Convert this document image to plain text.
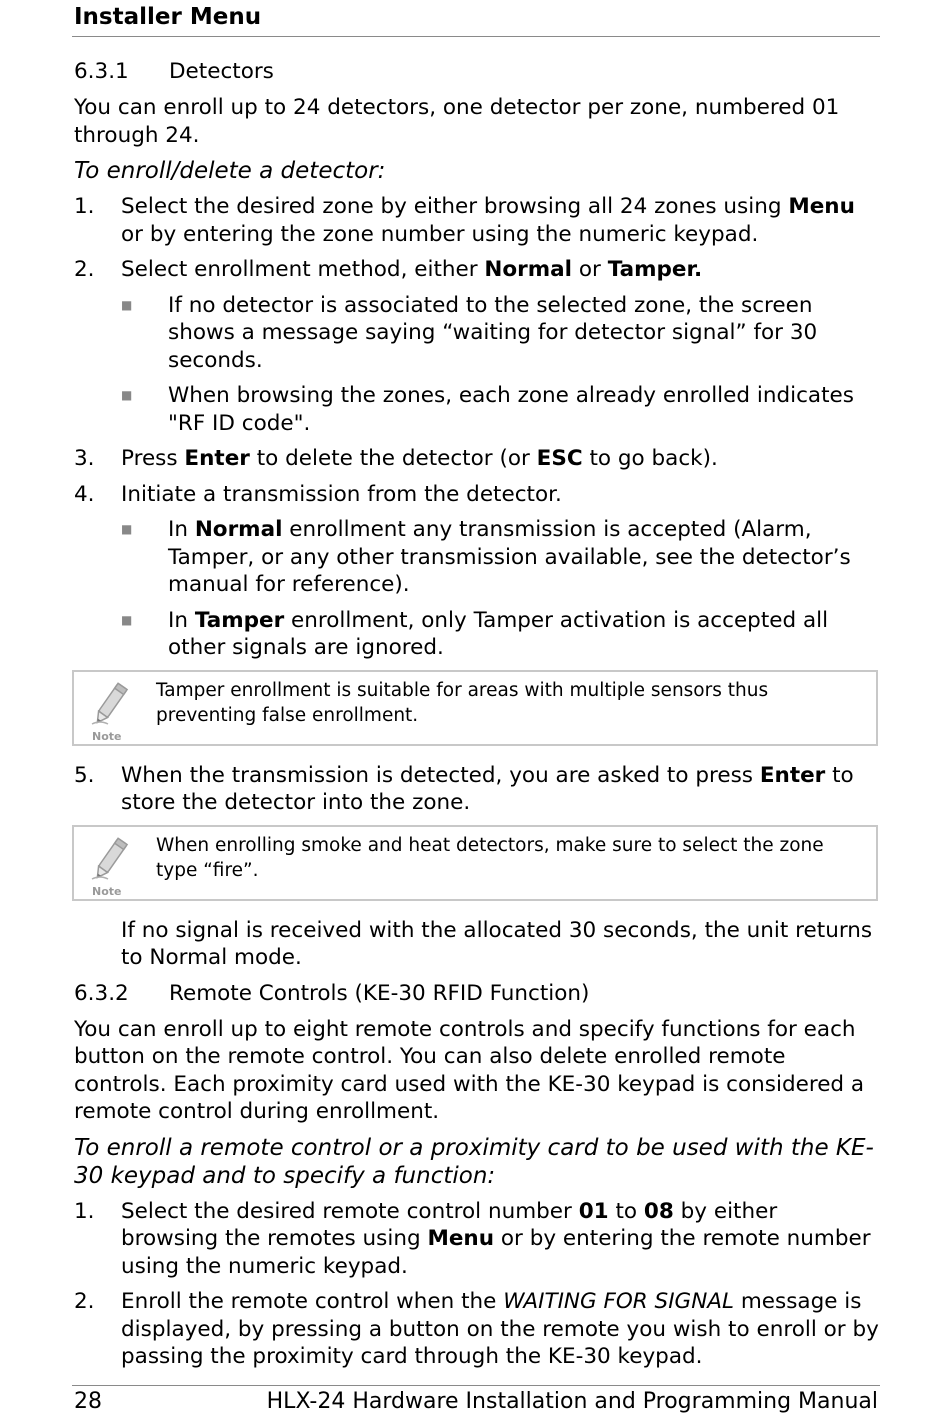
Installer Menu
6.3.1	Detectors

You can enroll up to 24 detectors, one detector per zone, numbered 01 through 24.

To enroll/delete a detector:
1.	Select the desired zone by either browsing all 24 zones using Menu or by entering the zone number using the numeric keypad.
2.	Select enrollment method, either Normal or Tamper.
■	If no detector is associated to the selected zone, the screen shows a message saying “waiting for detector signal” for 30 seconds.
■	When browsing the zones, each zone already enrolled indicates "RF ID code".
3.	Press Enter to delete the detector (or ESC to go back).
4.	Initiate a transmission from the detector.
■	In Normal enrollment any transmission is accepted (Alarm, Tamper, or any other transmission available, see the detector’s manual for reference).
■	In Tamper enrollment, only Tamper activation is accepted all other signals are ignored.
Note
Tamper enrollment is suitable for areas with multiple sensors thus preventing false enrollment.
5.	When the transmission is detected, you are asked to press Enter to store the detector into the zone.
Note
When enrolling smoke and heat detectors, make sure to select the zone type “fire”.

If no signal is received with the allocated 30 seconds, the unit returns to Normal mode.

6.3.2	Remote Controls (KE-30 RFID Function)

You can enroll up to eight remote controls and specify functions for each button on the remote control. You can also delete enrolled remote controls. Each proximity card used with the KE-30 keypad is considered a remote control during enrollment.

To enroll a remote control or a proximity card to be used with the KE-30 keypad and to specify a function:
1.	Select the desired remote control number 01 to 08 by either browsing the remotes using Menu or by entering the remote number using the numeric keypad.
2.	Enroll the remote control when the WAITING FOR SIGNAL message is displayed, by pressing a button on the remote you wish to enroll or by passing the proximity card through the KE-30 keypad.
28	HLX-24 Hardware Installation and Programming Manual
